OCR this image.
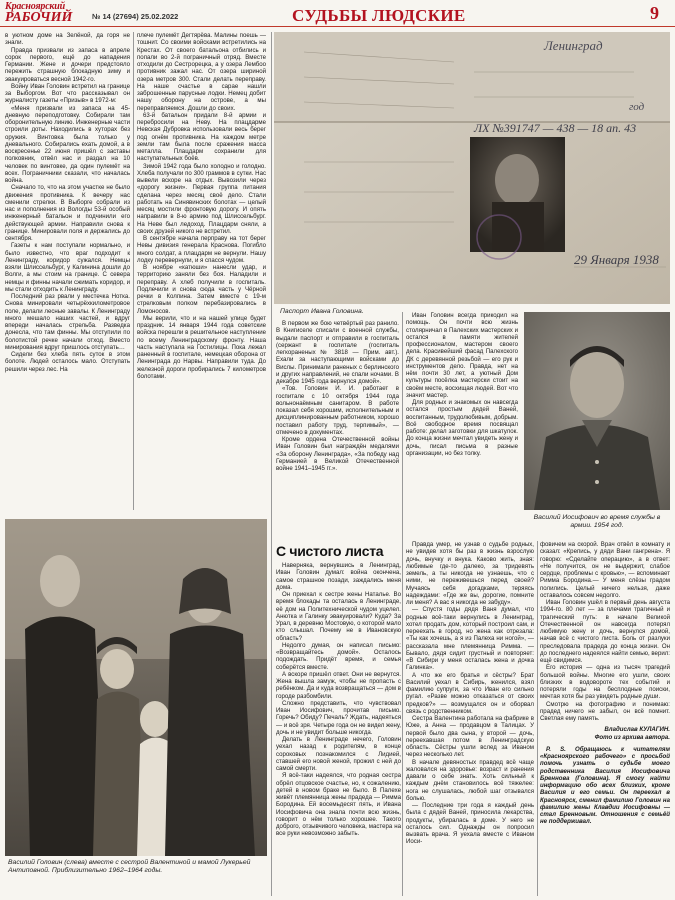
Красноярский
РАБОЧИЙ	№ 14 (27694) 25.02.2022	СУДЬБЫ ЛЮДСКИЕ	9

в уютном доме на Зелёной, да горя не знали.

Правда призвали из запаса в апреле сорок первого, ещё до нападения Германии. Жене и дочери предстояло пережить страшную блокадную зиму и эвакуироваться весной 1942-го.

Войну Иван Головин встретил на границе за Выборгом. Вот что рассказывал он журналисту газеты «Призыв» в 1972-м:

«Меня призвали из запаса на 45-дневную переподготовку. Собирали там оборонительную линию. Инженерные части строили доты. Находились в хуторах без оружия. Винтовка была только у дневального. Собирались ехать домой, а в воскресенье 22 июня пришёл с заставы полковник, отвёл нас и раздал на 10 человек по винтовке, да один пулемёт на всех. Пограничники сказали, что началась война.

Сначало то, что на этом участке не было движения противника. К вечеру нас сменили стрелки. В Выборге собрали из нас и пополнения из Вологды 53-й особый инженерный батальон и подчинили его действующей армии. Направили снова к границе. Минировали поля и держались до сентября.

Газеты к нам поступали нормально, и было известно, что враг подходит к Ленинграду, коридор сужался. Немцы взяли Шлиссельбург, у Калинина дошли до Волги, а мы стоим на границе. С севера немцы и финны начали сжимать коридор, и мы стали отходить к Ленинграду.

Последний раз рвали у местечка Нотка. Снова минировали четырёхкилометровое поле, делали лесные завалы. К Ленинграду много мешало наших частей, и вдруг впереди началась стрельба. Разведка донесла, что там финны. Мы отступили по болотистой речке начали отход. Вместо минирования вдруг пришлось отступать…

Сидели без хлеба пять суток в этом болоте. Людей осталось мало. Отступать решили через лес. На

плече пулемёт Дегтярёва. Малины поешь — тошнит. Со своими войсками встретились на Крестах. От своего батальона отбились и попали во 2-й пограничный отряд. Вместе отходили до Сестрорецка, а у озера Лембоо противник зажал нас. От озера шириной озера метров 300. Стали делать переправу. На наше счастье в сарае нашли заброшенные парусные лодки. Немец добит нашу оборону на острове, а мы переправляемся. Дошли до своих.

63-й батальон придали 8-й армии и перебросили на Неву. На плацдарме Невская Дубровка использовали весь берег под огнём противника. На каждом метре земли там была после сражения масса металла. Плацдарм сохранили для наступательных боёв.

Зимой 1942 года было холодно и голодно. Хлеба получали по 300 граммов в сутки. Нас вывели вскоре на отдых. Вывозили через «дорогу жизни». Первая группа питания сделана через месяц своё дело. Стали работать на Синявинских болотах — целый месяц мостили фронтовую дорогу. И опять направили в 8-ю армию под Шлиссельбург. На Неве был ледоход. Плацдарм сняли, а своих друзей никого не встретил.

В сентябре начала перправу на тот берег Невы дивизия генерала Краснова. Погибло много солдат, а плацдарм не вернули. Нашу лодку перевернули, и я спасся чудом.

В ноябре «катюши» нанесли удар, и территорию заняли без боя. Наладили и переправу. А хлеб получили в госпиталь. Подлечили и снова сюда часть у Чёрной речки в Колпина. Затем вместе с 19-м стрелковым полком перебазировались в Ломоносов.

Мы верили, что и на нашей улице будет праздник. 14 января 1944 года советские войска перешли в решительное наступление по всему Ленинградскому фронту. Наша часть наступала на Гостилицы. Пока лежал раненный в госпитале, немецкая оборона от Ленинграда до Нарвы. Направили туда. До железной дороги пробирались 7 километров болотами.

Ленинград
год
ЛХ №391747 — 438 — 18 ап. 43
29 Января 1938
Паспорт Ивана Головина.

В первом же бою четвёртый раз ранило. В Книгиселе списали с военной службы, выдали паспорт и отправили в госпиталь (сержант в госпитале (госпиталь легкораненых № 3818 — Прим. авт.). Ехали за наступающими войсками до Вислы. Принимали раненых с берлинского и других направлений, не спали ночами. В декабре 1945 года вернулся домой».

«Тов. Головин И. И. работает в госпитале с 10 октября 1944 года вольнонаёмным санитаром. В работе показал себя хорошим, исполнительным и дисциплинированным работником, хорошо поставил работу труд, терпимый», — отмечено в документах.

Кроме ордена Отечественной войны Иван Головин был награждён медалями «За оборону Ленинграда», «За победу над Германией в Великой Отечественной войне 1941–1945 гг.».

Иван Головин всегда прикодил на помощь. Он почти всю жизнь столярничал в Палехских мастерских и остался в памяти жителей профессионалом, мастером своего дела. Красивейший фасад Палехского ДК с деревянной резьбой — его рук и инструментов дело. Правда, нет на нём почти 30 лет, а уютный Дом культуры посёлка мастерски стоит на своём месте, восхищая людей. Вот что значит мастер.

Для родных и знакомых он навсегда остался простым дядей Ваней, воспитанным, трудолюбивым, добрым. Всё свободное время посвящал работе: делал заготовки для шкатулок. До конца жизни мечтал увидеть жену и дочь, писал письма в разные организации, но без толку.

Василий Иосифович во время службы в армии. 1954 год.
Василий Головин (слева) вместе с сестрой Валентиной и мамой Лукерьей Антиповной. Приблизительно 1962–1964 годы.
С чистого листа

Наверняка, вернувшись в Ленинград, Иван Головин думал: война окончена, самое страшное позади, заждались меня дома.

Он приехал к сестре жены Наталье. Во время блокады та осталась в Ленинграде, её дом на Политехнической чудом уцелел. Анютка и Галинку эвакуировали? Куда? За Урал, в деревню Мостовую, о которой мало кто слышал. Почему не в Ивановскую область?

Недолго думая, он написал письмо: «Возвращайтесь домой». Осталось подождать. Придёт время, и семья соберётся вместе.

А вскоре пришёл ответ. Они не вернутся. Жена вышла замуж, чтобы не пропасть с ребёнком. Да и куда возвращаться — дом в городе разбомбили.

Сложно представить, что чувствовал Иван Иосифович, прочитав письмо. Горечь? Обиду? Печаль? Ждать, надеяться — и всё зря. Четыре года он не видел жену, дочь и не увидит больше никогда.

Делать в Ленинграде нечего, Головин уехал назад к родителям, в конце сороковых познакомился с Лидией, ставшей его новой женой, прожил с ней до самой смерти.

Я всё-таки надеялся, что родная сестра обрёл отцовское счастье, но, к сожалению, детей в новом браке не было. В Палехе живёт племянница жены прадеда — Римма Бородина. Ей восемьдесят пять, и Ивана Иосифовича она знала почти всю жизнь, говорит о нём только хорошее. Такого доброго, отзывчивого человека, мастера на все руки невозможно забыть.

Правда умер, не узнав о судьбе родных, не увидев хотя бы раз в жизнь взрослую дочь, внучку и внука. Каково жить, зная: любимые где-то далеко, за тридевять земель, а ты никогда не узнаешь, что с ними, не переживешься перед своей? Мучаясь себя догадками, теряясь надеждами: «Где же вы, дорогие, помните ли меня? А вас я никогда не забуду».

— Спустя годы дядя Ваня думал, что родные всё-таки вернулись в Ленинград, хотел продать дом, который построил сам, и переехать в город, но жена как отрезала: «Ты как хочешь, а я из Палеха ни ногой», — рассказала мне племянница Римма. — Бывало, дядя сидит грустный и повторяет: «В Сибири у меня осталась жена и дочка Галинка».

А что же его братья и сёстры? Брат Василий уехал в Сибирь, женился, взял фамилию супруги, за что Иван его сильно ругал. «Разве можно отказаться от своих предков?» — возмущался он и оборвал связь с родственником.

Сестра Валентина работала на фабрике в Юже, а Анна — продавцом в Талицах. У первой было два сына, у второй — дочь, переехавшая потом в Ленинградскую область. Сёстры ушли вслед за Иваном через несколько лет.

В начале девяностых правдед всё чаще жаловался на здоровье: возраст и ранения давали о себе знать. Хоть сильный к каждым днём становилось всё тяжелее: нога не слушалась, любой шаг отзывался болью.

— Последние три года я каждый день была с дядей Ваней, приносила лекарства, продукты, убиралась в доме. У него не осталось сил. Однажды он попросил вызвать врача. Я уехала вместе с Иваном Иоси-

фовичем на скорой. Врач отвёл в комнату и сказал: «Крепись, у дяди Вани гангрена». Я говорю: «Сделайте операцию», а в ответ: «Не получится, он не выдержит, слабое сердце, проблемы с кровью», — вспоминает Римма Бородина.— У меня слёзы градом полились. Целый ничего нельзя, даже оставалось совсем недолго.

Иван Головин ушёл в первый день августа 1994-го. 80 лет — за плечами трагичный и трагический путь: в начале Великой Отечественной он навсегда потерял любимую жену и дочь, вернулся домой, начав всё с чистого листа. Боль от разлуки преследовала прадеда до конца жизни. Он до последнего надеялся найти семью, верил: ещё свидимся.

Его история — одна из тысяч трагедий большой войны. Многие его ушли, своих близких в водовороте тех событий и потеряли годы на бесплодные поиски, мечтая хотя бы раз увидеть родные души.

Смотрю на фотографию и понимаю: прадед ничего не забыл, он всё помнит. Светлая ему память.

Владислав КУЛАГИН.

Фото из архива автора.

P. S. Обращаюсь к читателям «Красноярского рабочего» с просьбой помочь узнать о судьбе моего родственника Василия Иосифовича Бреннова (Головина). Я смогу найти информацию обо всех близких, кроме Василия и его семьи. Он переехал в Красноярск, сменил фамилию Головин на фамилию жены Клавдии Иосифовны — стал Бренновым. Отношения с семьёй не поддерживал.
